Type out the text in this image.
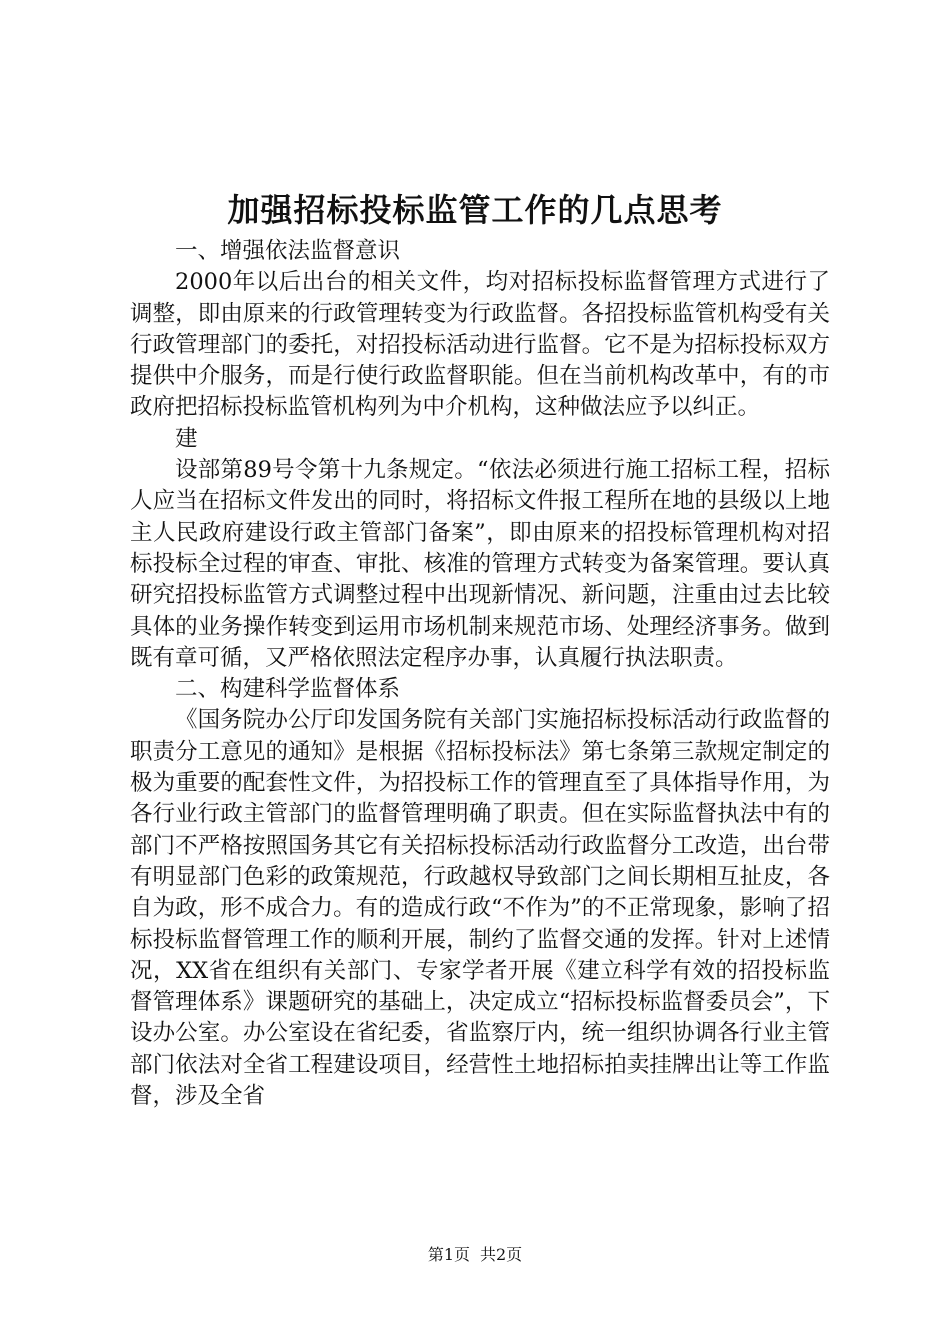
加强招标投标监管工作的几点思考

一、增强依法监督意识

2000年以后出台的相关文件，均对招标投标监督管理方式进行了调整，即由原来的行政管理转变为行政监督。各招投标监管机构受有关行政管理部门的委托，对招投标活动进行监督。它不是为招标投标双方提供中介服务，而是行使行政监督职能。但在当前机构改革中，有的市政府把招标投标监管机构列为中介机构，这种做法应予以纠正。

建

设部第89号令第十九条规定。“依法必须进行施工招标工程，招标人应当在招标文件发出的同时，将招标文件报工程所在地的县级以上地主人民政府建设行政主管部门备案”，即由原来的招投标管理机构对招标投标全过程的审查、审批、核准的管理方式转变为备案管理。要认真研究招投标监管方式调整过程中出现新情况、新问题，注重由过去比较具体的业务操作转变到运用市场机制来规范市场、处理经济事务。做到既有章可循，又严格依照法定程序办事，认真履行执法职责。

二、构建科学监督体系

《国务院办公厅印发国务院有关部门实施招标投标活动行政监督的职责分工意见的通知》是根据《招标投标法》第七条第三款规定制定的极为重要的配套性文件，为招投标工作的管理直至了具体指导作用，为各行业行政主管部门的监督管理明确了职责。但在实际监督执法中有的部门不严格按照国务其它有关招标投标活动行政监督分工改造，出台带有明显部门色彩的政策规范，行政越权导致部门之间长期相互扯皮，各自为政，形不成合力。有的造成行政“不作为”的不正常现象，影响了招标投标监督管理工作的顺利开展，制约了监督交通的发挥。针对上述情况，XX省在组织有关部门、专家学者开展《建立科学有效的招投标监督管理体系》课题研究的基础上，决定成立“招标投标监督委员会”，下设办公室。办公室设在省纪委，省监察厅内，统一组织协调各行业主管部门依法对全省工程建设项目，经营性土地招标拍卖挂牌出让等工作监督，涉及全省

第1页 共2页
